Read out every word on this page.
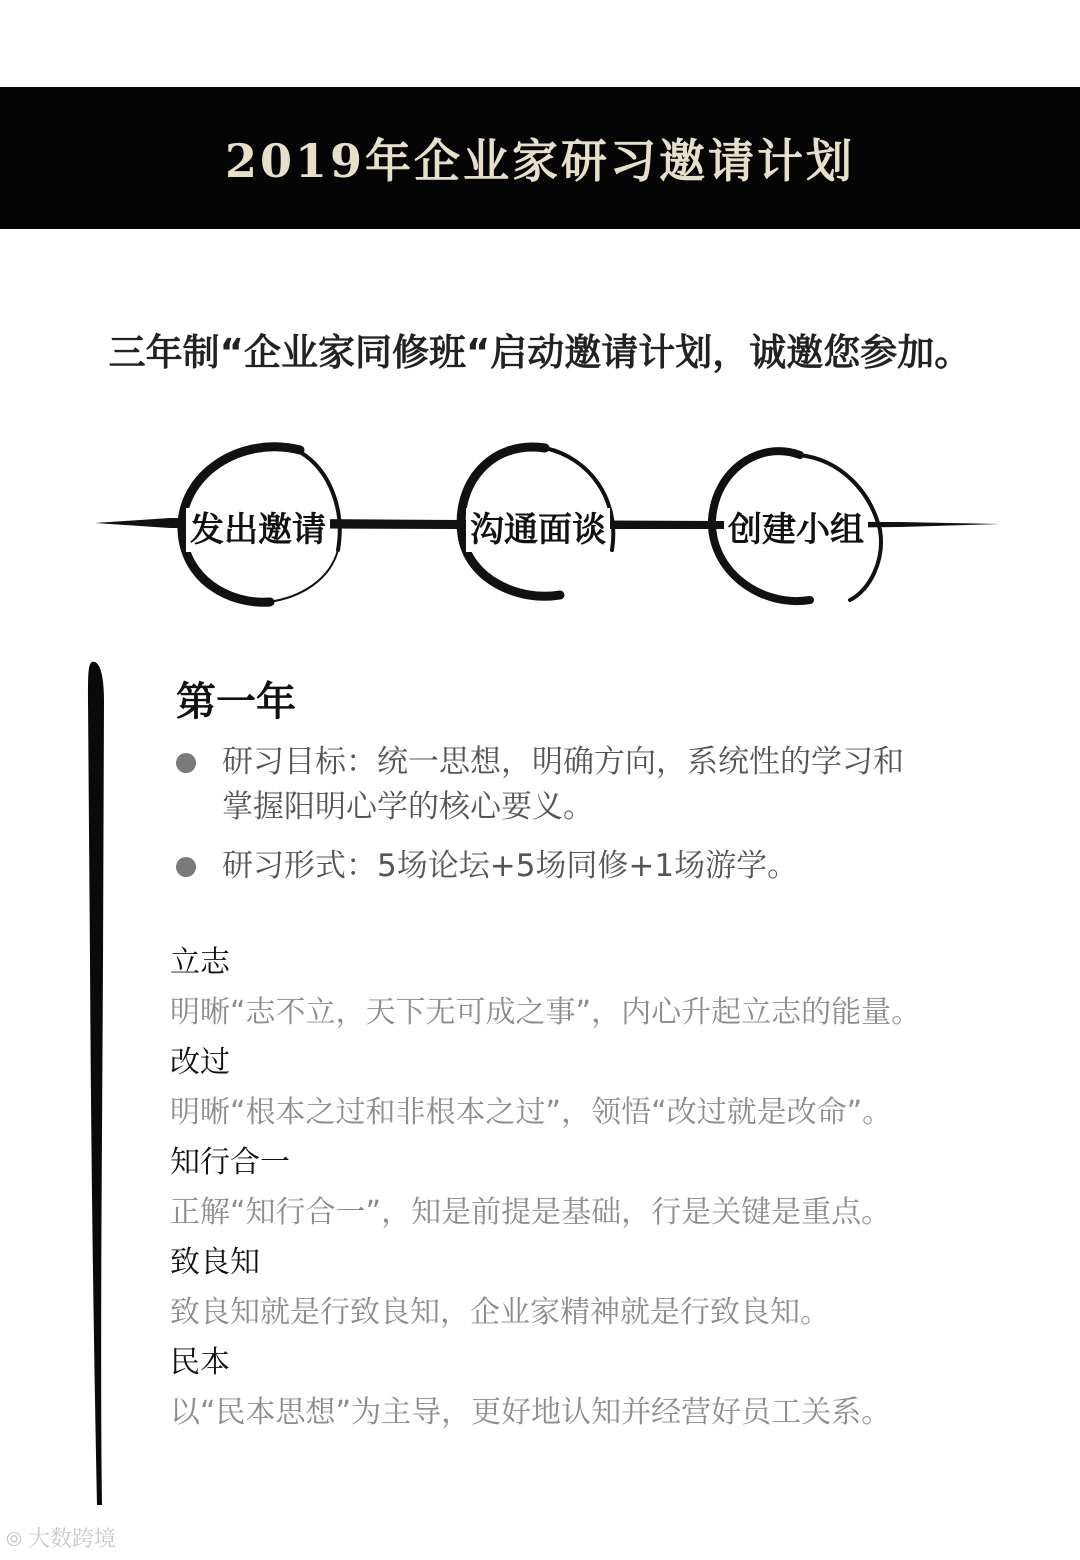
2019年企业家研习邀请计划
三年制“企业家同修班“启动邀请计划，诚邀您参加。
发出邀请	沟通面谈	创建小组
第一年
研习目标：统一思想，明确方向，系统性的学习和掌握阳明心学的核心要义。
研习形式：5场论坛+5场同修+1场游学。
立志
明晰“志不立，天下无可成之事”，内心升起立志的能量。
改过
明晰“根本之过和非根本之过”，领悟“改过就是改命”。
知行合一
正解“知行合一”，知是前提是基础，行是关键是重点。
致良知
致良知就是行致良知，企业家精神就是行致良知。
民本
以“民本思想”为主导，更好地认知并经营好员工关系。
⦾ 大数跨境
